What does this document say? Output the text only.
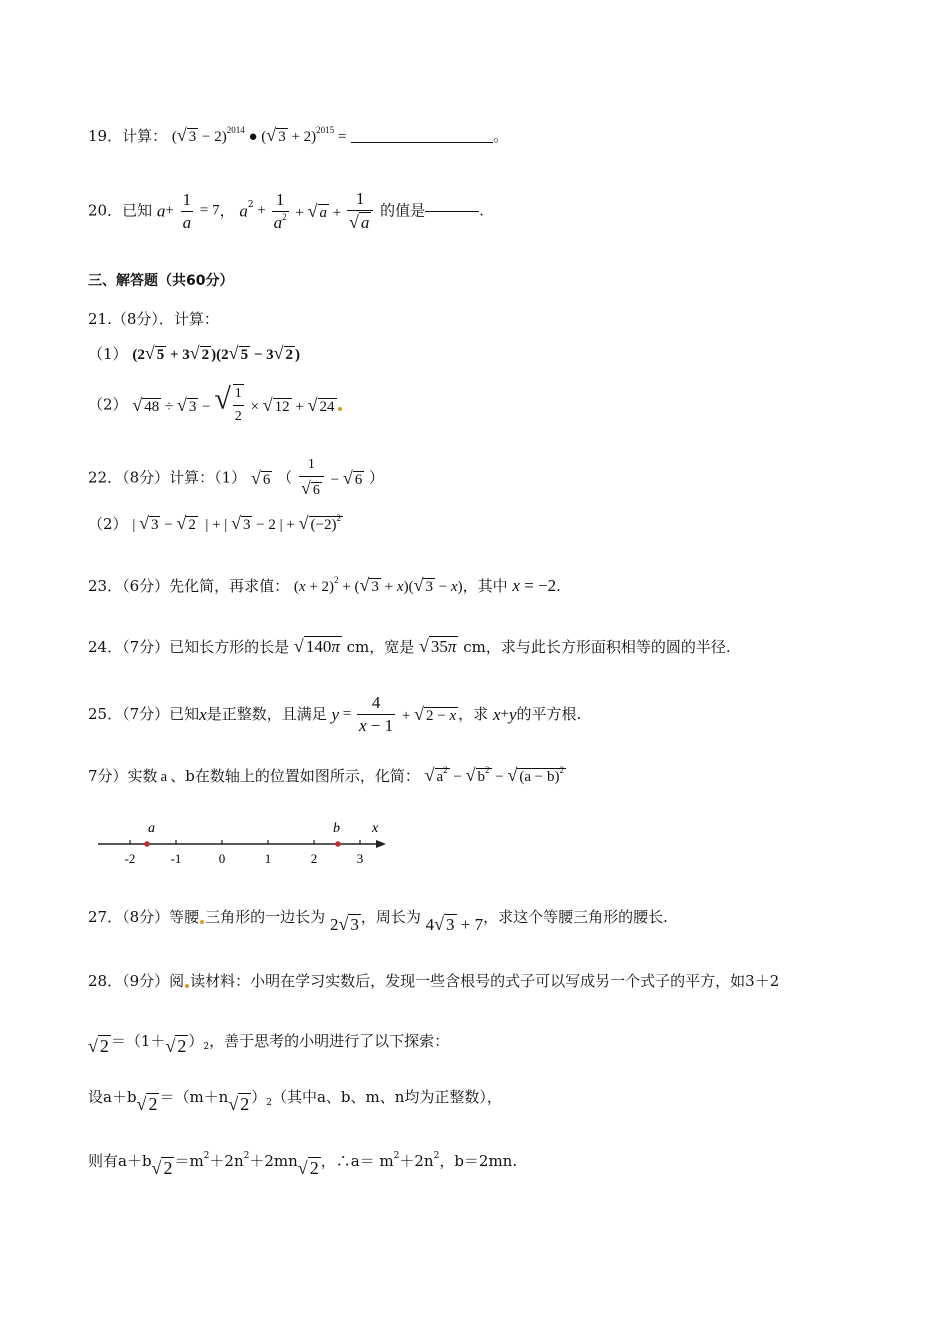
19．计算： (√ 3 − 2)$^{2014}$ ● (√ 3 + 2)$^{2015}$ =	。
20．已知 $a+ \frac{1}{a} = 7$， $a^2 + \frac{1}{a^2}$ + √ $a + \frac{1}{√ a}$ 的值是	.
三、解答题（共60分）
21.（8分）．计算：
（1） (2√ 5 + 3√ 2 )(2√ 5 − 3√ 2 )
（2） √ 48 ÷ √ 3 − √ $\frac{1}{2}$ × √ 12 + √ 24
22．（8分）计算：（1） √ 6 （ $\frac{1}{√ 6}$ − √ 6 ）
（2） | √ 3 − √ 2  | + | √ 3 − 2 | + √ $(-2)^2$
23．（6分）先化简，再求值： $(x + 2)^2$ + (√ 3 + x)(√ 3 − x)，其中 x = −2.
24．（7分）已知长方形的长是 √ 140π cm，宽是 √ 35π cm，求与此长方形面积相等的圆的半径.
25．（7分）已知x是正整数，且满足 $y = \frac{4}{x - 1}$ + √ 2 − x ，求 x+y的平方根.
7分）实数 a 、b在数轴上的位置如图所示，化简： √ $a^2$ − √ $b^2$ − √ $(a - b)^2$
-2	-1	0	1	2	3
a	b x
27．（8分）等腰 三角形的一边长为 2√ 3 ，周长为 4√ 3 + 7，求这个等腰三角形的腰长.
28．（9分）阅 读材料：小明在学习实数后，发现一些含根号的式子可以写成另一个式子的平方，如3＋2
√ 2 ＝（1＋√ 2 ）$_2$，善于思考的小明进行了以下探索：
设a＋b√ 2 ＝（m＋n√ 2 ）$_2$（其中a、b、m、n均为正整数），
则有a＋b√ $2 =m^2+2n^2+2mn√$ 2 ，∴a＝ $m^2+2n^2$，b＝2mn.
